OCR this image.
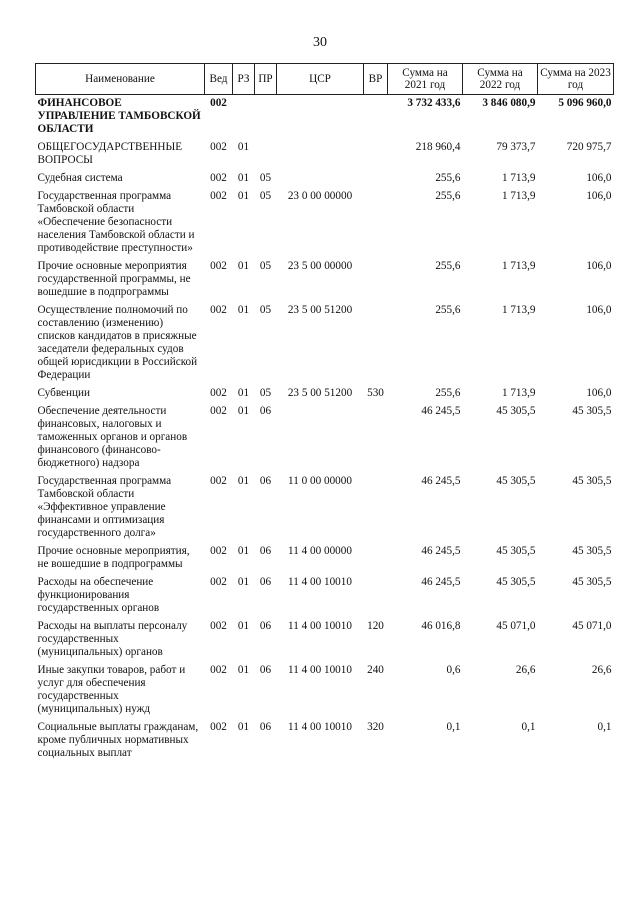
30
Наименование	Вед	РЗ	ПР	ЦСР	ВР	Сумма на 2021 год	Сумма на 2022 год	Сумма на 2023 год
ФИНАНСОВОЕ УПРАВЛЕНИЕ ТАМБОВСКОЙ ОБЛАСТИ	002					3 732 433,6	3 846 080,9	5 096 960,0
ОБЩЕГОСУДАРСТВЕННЫЕ ВОПРОСЫ	002	01				218 960,4	79 373,7	720 975,7
Судебная система	002	01	05			255,6	1 713,9	106,0
Государственная программа Тамбовской области «Обеспечение безопасности населения Тамбовской области и противодействие преступности»	002	01	05	23 0 00 00000		255,6	1 713,9	106,0
Прочие основные мероприятия государственной программы, не вошедшие в подпрограммы	002	01	05	23 5 00 00000		255,6	1 713,9	106,0
Осуществление полномочий по составлению (изменению) списков кандидатов в присяжные заседатели федеральных судов общей юрисдикции в Российской Федерации	002	01	05	23 5 00 51200		255,6	1 713,9	106,0
Субвенции	002	01	05	23 5 00 51200	530	255,6	1 713,9	106,0
Обеспечение деятельности финансовых, налоговых и таможенных органов и органов финансового (финансово-бюджетного) надзора	002	01	06			46 245,5	45 305,5	45 305,5
Государственная программа Тамбовской области «Эффективное управление финансами и оптимизация государственного долга»	002	01	06	11 0 00 00000		46 245,5	45 305,5	45 305,5
Прочие основные мероприятия, не вошедшие в подпрограммы	002	01	06	11 4 00 00000		46 245,5	45 305,5	45 305,5
Расходы на обеспечение функционирования государственных органов	002	01	06	11 4 00 10010		46 245,5	45 305,5	45 305,5
Расходы на выплаты персоналу государственных (муниципальных) органов	002	01	06	11 4 00 10010	120	46 016,8	45 071,0	45 071,0
Иные закупки товаров, работ и услуг для обеспечения государственных (муниципальных) нужд	002	01	06	11 4 00 10010	240	0,6	26,6	26,6
Социальные выплаты гражданам, кроме публичных нормативных социальных выплат	002	01	06	11 4 00 10010	320	0,1	0,1	0,1
